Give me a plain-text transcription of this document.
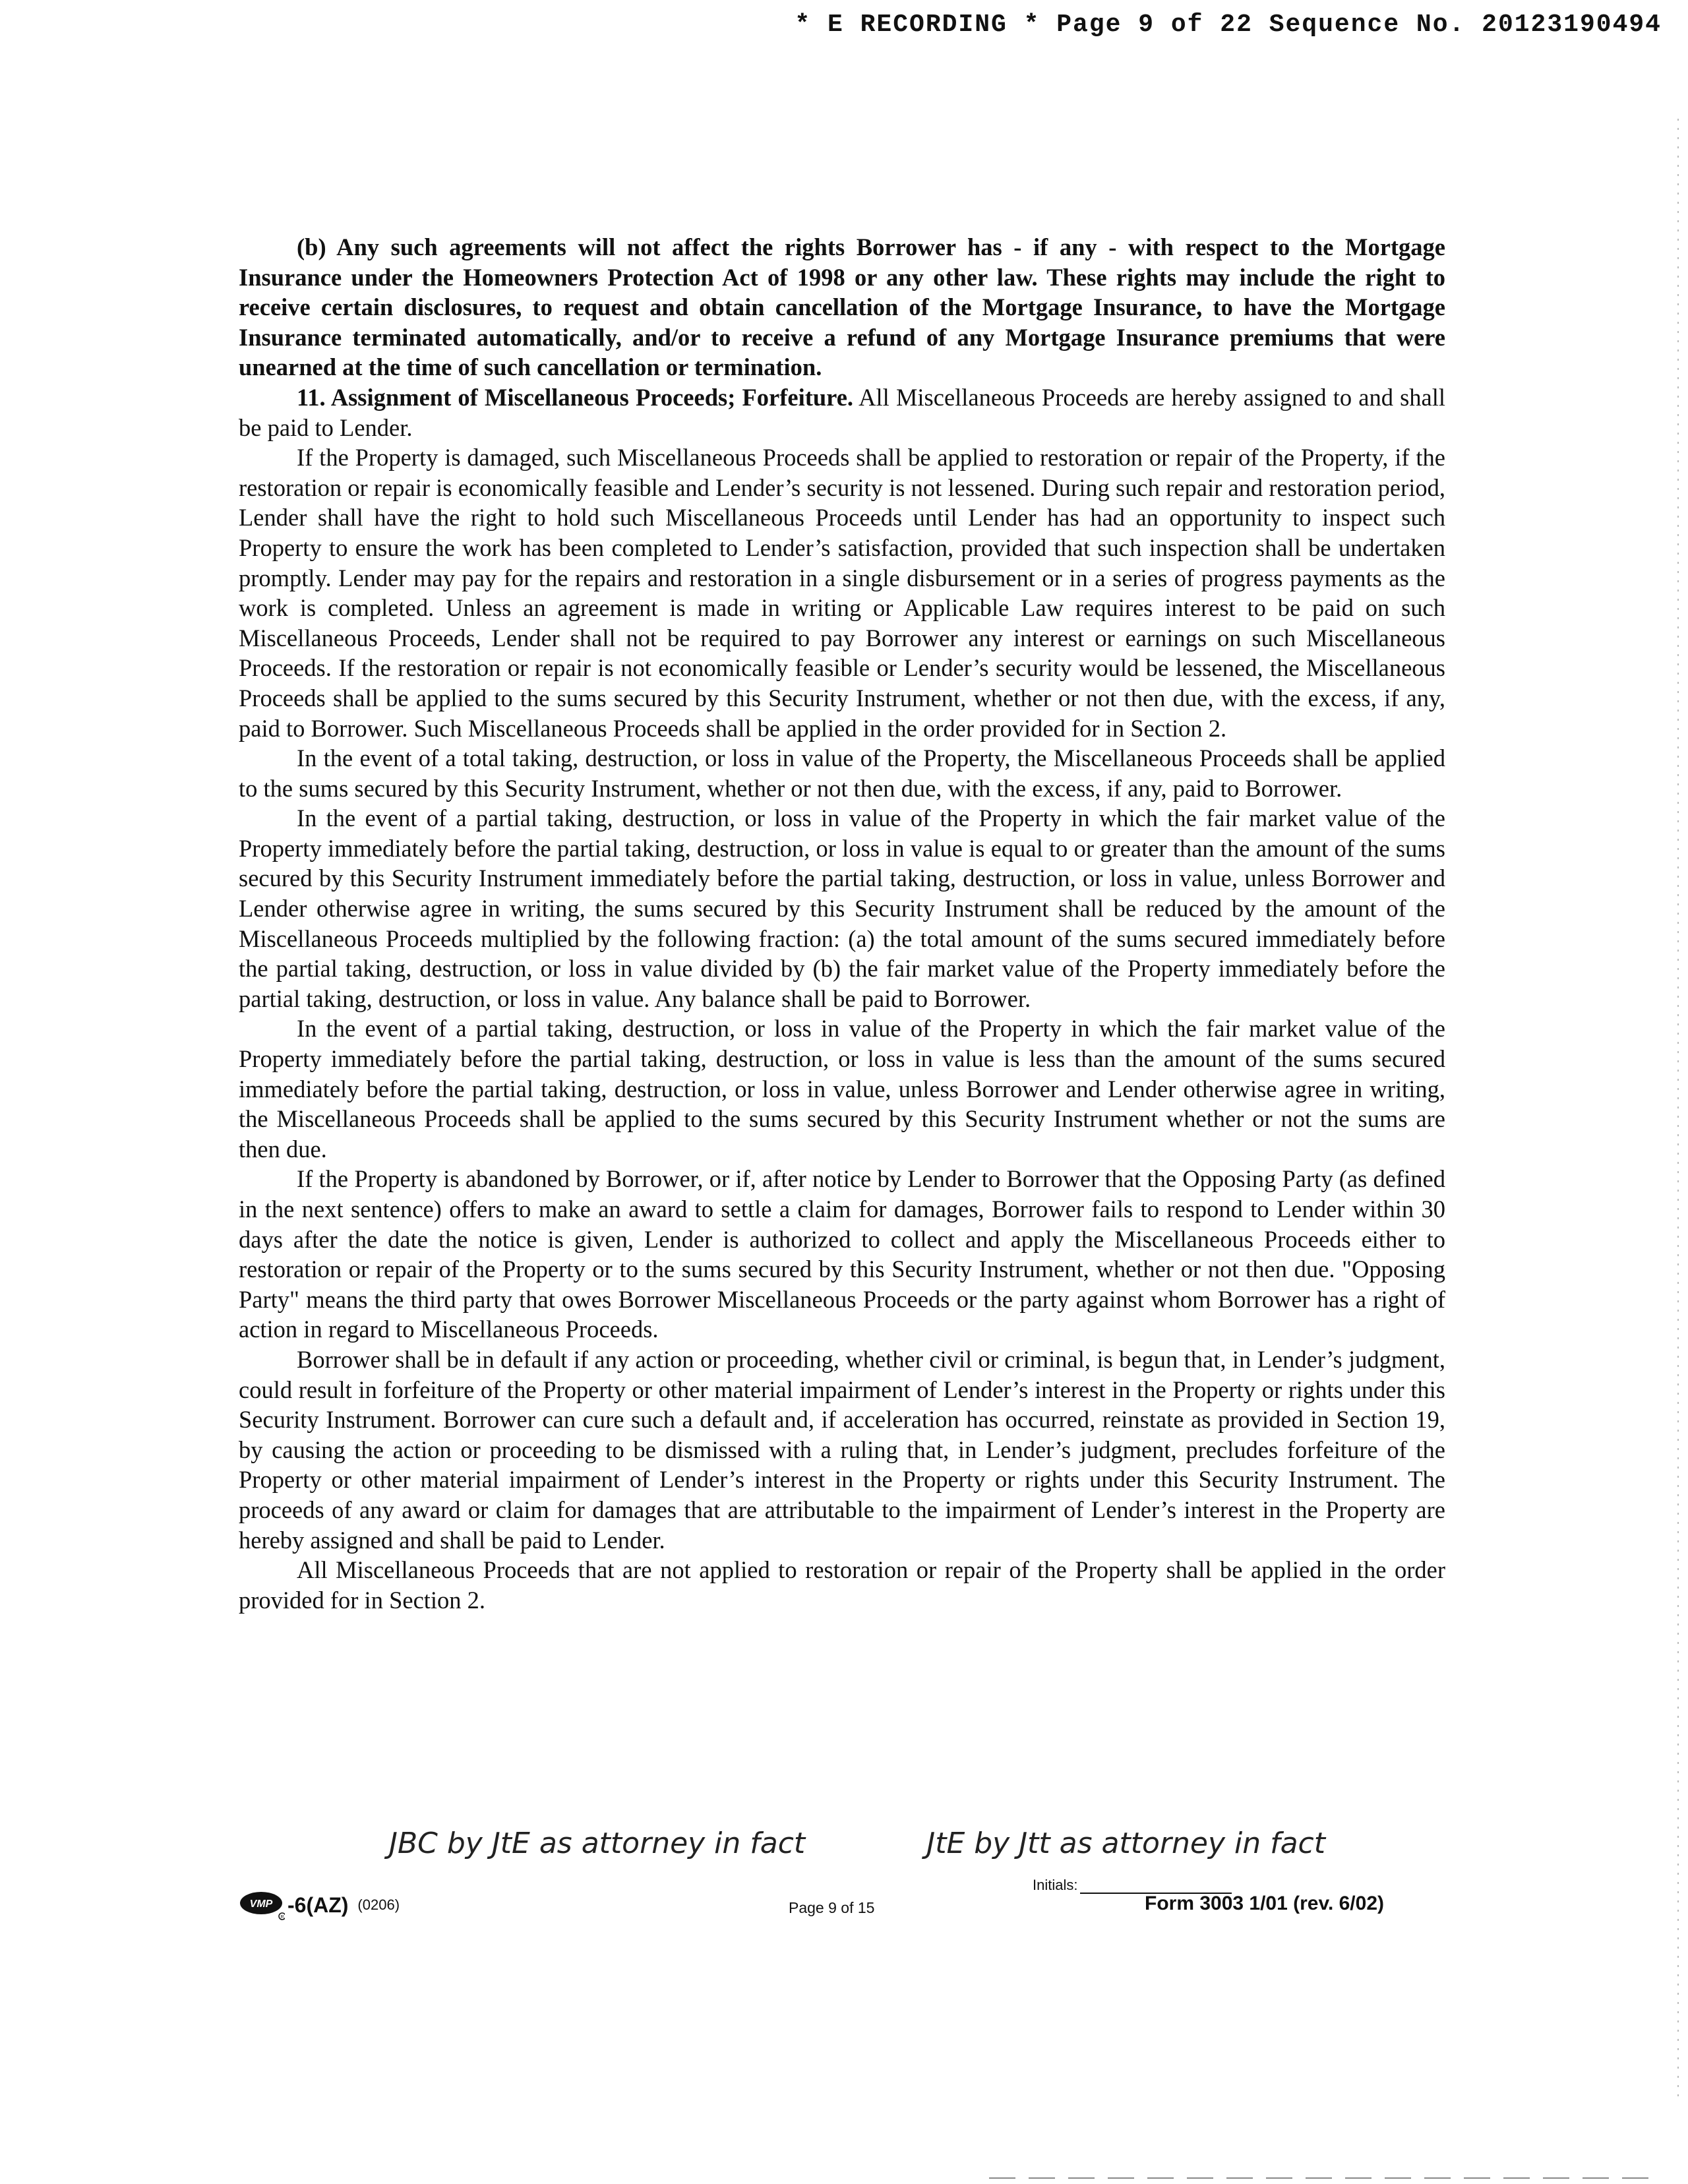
* E RECORDING * Page 9 of 22 Sequence No. 20123190494

(b) Any such agreements will not affect the rights Borrower has - if any - with respect to the Mortgage Insurance under the Homeowners Protection Act of 1998 or any other law. These rights may include the right to receive certain disclosures, to request and obtain cancellation of the Mortgage Insurance, to have the Mortgage Insurance terminated automatically, and/or to receive a refund of any Mortgage Insurance premiums that were unearned at the time of such cancellation or termination.

11. Assignment of Miscellaneous Proceeds; Forfeiture. All Miscellaneous Proceeds are hereby assigned to and shall be paid to Lender.

If the Property is damaged, such Miscellaneous Proceeds shall be applied to restoration or repair of the Property, if the restoration or repair is economically feasible and Lender’s security is not lessened. During such repair and restoration period, Lender shall have the right to hold such Miscellaneous Proceeds until Lender has had an opportunity to inspect such Property to ensure the work has been completed to Lender’s satisfaction, provided that such inspection shall be undertaken promptly. Lender may pay for the repairs and restoration in a single disbursement or in a series of progress payments as the work is completed. Unless an agreement is made in writing or Applicable Law requires interest to be paid on such Miscellaneous Proceeds, Lender shall not be required to pay Borrower any interest or earnings on such Miscellaneous Proceeds. If the restoration or repair is not economically feasible or Lender’s security would be lessened, the Miscellaneous Proceeds shall be applied to the sums secured by this Security Instrument, whether or not then due, with the excess, if any, paid to Borrower. Such Miscellaneous Proceeds shall be applied in the order provided for in Section 2.

In the event of a total taking, destruction, or loss in value of the Property, the Miscellaneous Proceeds shall be applied to the sums secured by this Security Instrument, whether or not then due, with the excess, if any, paid to Borrower.

In the event of a partial taking, destruction, or loss in value of the Property in which the fair market value of the Property immediately before the partial taking, destruction, or loss in value is equal to or greater than the amount of the sums secured by this Security Instrument immediately before the partial taking, destruction, or loss in value, unless Borrower and Lender otherwise agree in writing, the sums secured by this Security Instrument shall be reduced by the amount of the Miscellaneous Proceeds multiplied by the following fraction: (a) the total amount of the sums secured immediately before the partial taking, destruction, or loss in value divided by (b) the fair market value of the Property immediately before the partial taking, destruction, or loss in value. Any balance shall be paid to Borrower.

In the event of a partial taking, destruction, or loss in value of the Property in which the fair market value of the Property immediately before the partial taking, destruction, or loss in value is less than the amount of the sums secured immediately before the partial taking, destruction, or loss in value, unless Borrower and Lender otherwise agree in writing, the Miscellaneous Proceeds shall be applied to the sums secured by this Security Instrument whether or not the sums are then due.

If the Property is abandoned by Borrower, or if, after notice by Lender to Borrower that the Opposing Party (as defined in the next sentence) offers to make an award to settle a claim for damages, Borrower fails to respond to Lender within 30 days after the date the notice is given, Lender is authorized to collect and apply the Miscellaneous Proceeds either to restoration or repair of the Property or to the sums secured by this Security Instrument, whether or not then due. "Opposing Party" means the third party that owes Borrower Miscellaneous Proceeds or the party against whom Borrower has a right of action in regard to Miscellaneous Proceeds.

Borrower shall be in default if any action or proceeding, whether civil or criminal, is begun that, in Lender’s judgment, could result in forfeiture of the Property or other material impairment of Lender’s interest in the Property or rights under this Security Instrument. Borrower can cure such a default and, if acceleration has occurred, reinstate as provided in Section 19, by causing the action or proceeding to be dismissed with a ruling that, in Lender’s judgment, precludes forfeiture of the Property or other material impairment of Lender’s interest in the Property or rights under this Security Instrument. The proceeds of any award or claim for damages that are attributable to the impairment of Lender’s interest in the Property are hereby assigned and shall be paid to Lender.

All Miscellaneous Proceeds that are not applied to restoration or repair of the Property shall be applied in the order provided for in Section 2.

JBC by JtE as attorney in fact	JtE by Jtt as attorney in fact
Initials:
VMP
R
-6(AZ) (0206)	Page 9 of 15	Form 3003 1/01 (rev. 6/02)
